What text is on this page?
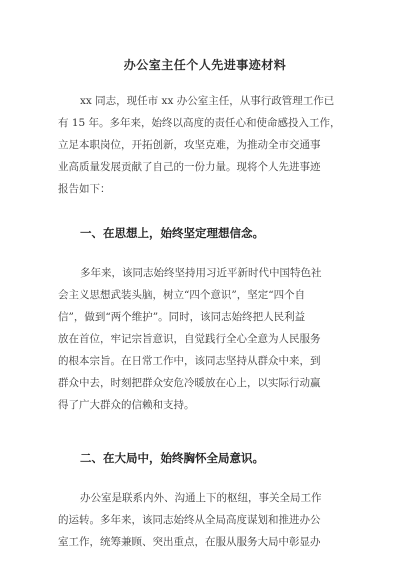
办公室主任个人先进事迹材料

xx 同志，现任市 xx 办公室主任，从事行政管理工作已

有 15 年。多年来，始终以高度的责任心和使命感投入工作，

立足本职岗位，开拓创新，攻坚克难，为推动全市交通事

业高质量发展贡献了自己的一份力量。现将个人先进事迹

报告如下：

一、在思想上，始终坚定理想信念。

多年来，该同志始终坚持用习近平新时代中国特色社

会主义思想武装头脑，树立“四个意识”，坚定“四个自

信”，做到“两个维护”。同时，该同志始终把人民利益

放在首位，牢记宗旨意识，自觉践行全心全意为人民服务

的根本宗旨。在日常工作中，该同志坚持从群众中来，到

群众中去，时刻把群众安危冷暖放在心上，以实际行动赢

得了广大群众的信赖和支持。

二、在大局中，始终胸怀全局意识。

办公室是联系内外、沟通上下的枢纽，事关全局工作

的运转。多年来，该同志始终从全局高度谋划和推进办公

室工作，统筹兼顾、突出重点，在服从服务大局中彰显办
